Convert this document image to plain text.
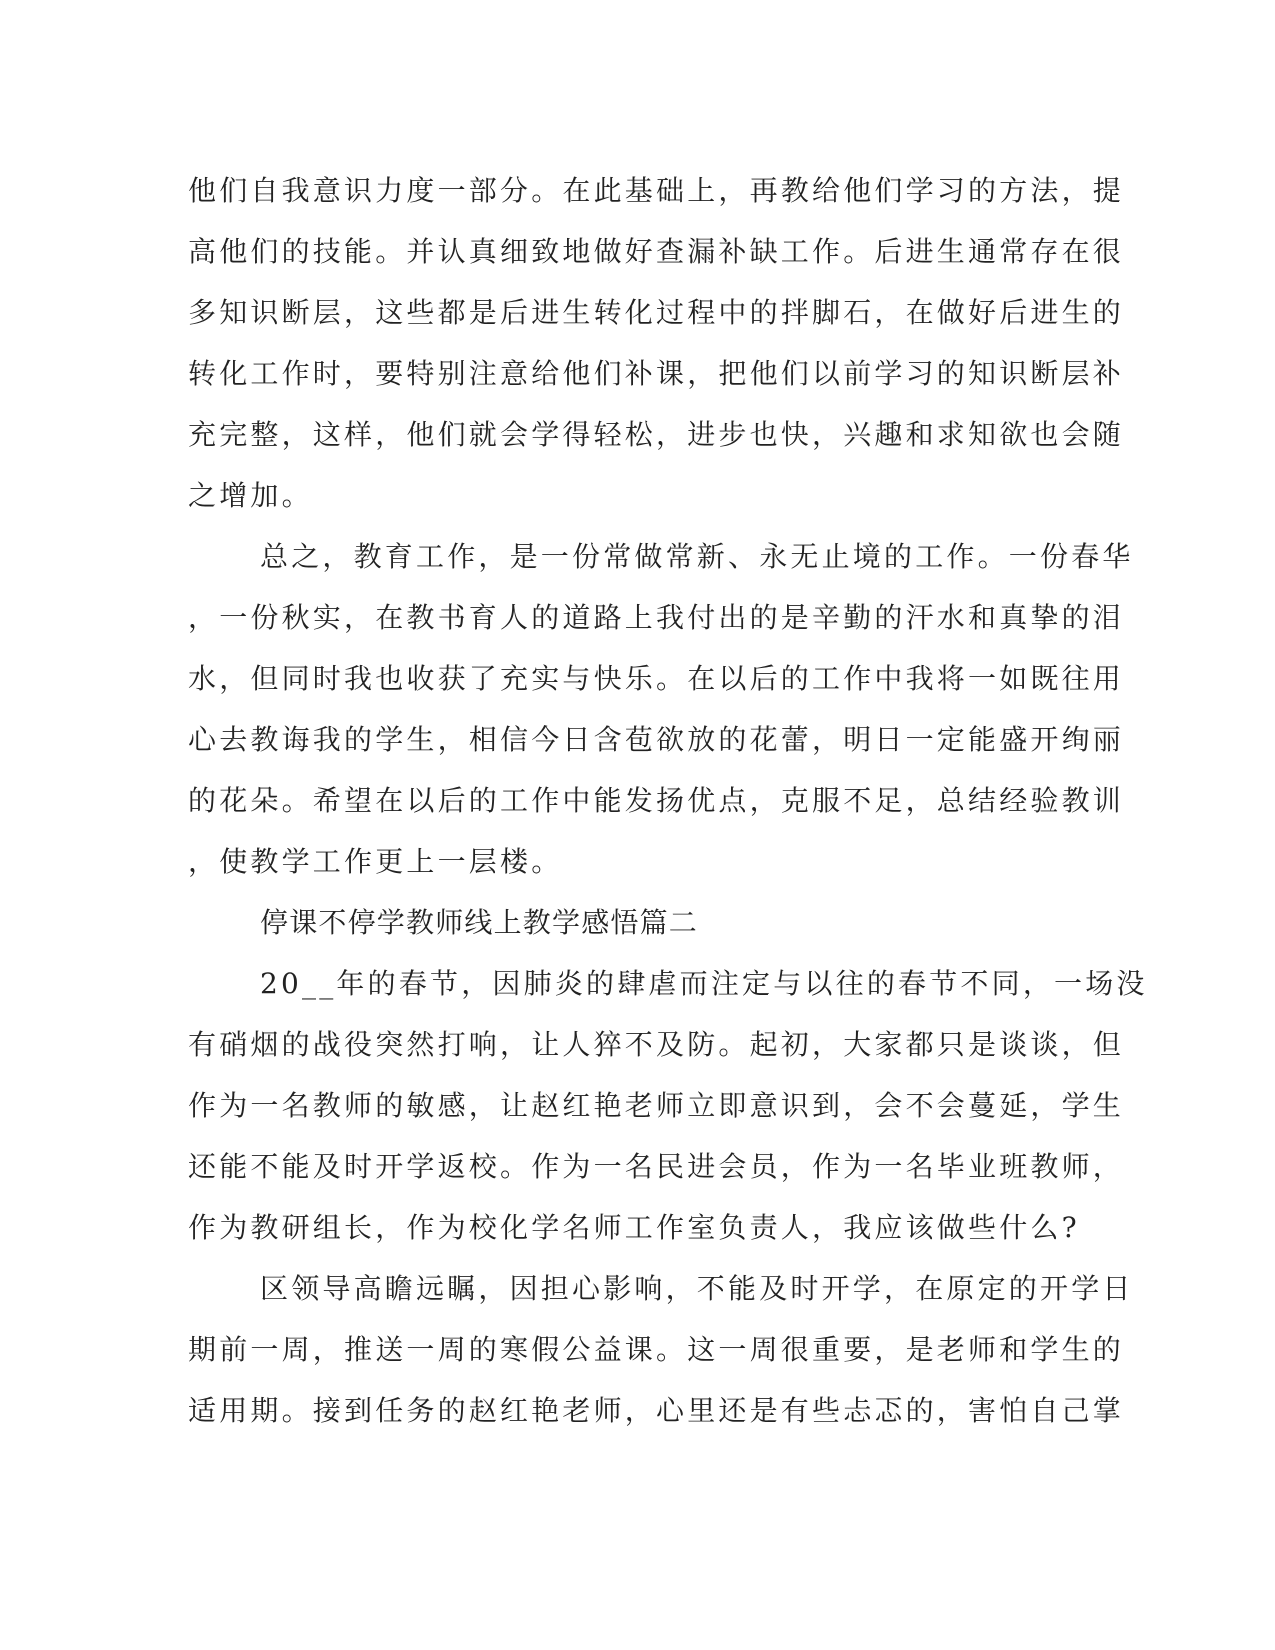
他们自我意识力度一部分。在此基础上，再教给他们学习的方法，提
高他们的技能。并认真细致地做好查漏补缺工作。后进生通常存在很
多知识断层，这些都是后进生转化过程中的拌脚石，在做好后进生的
转化工作时，要特别注意给他们补课，把他们以前学习的知识断层补
充完整，这样，他们就会学得轻松，进步也快，兴趣和求知欲也会随
之增加。
总之，教育工作，是一份常做常新、永无止境的工作。一份春华
，一份秋实，在教书育人的道路上我付出的是辛勤的汗水和真挚的泪
水，但同时我也收获了充实与快乐。在以后的工作中我将一如既往用
心去教诲我的学生，相信今日含苞欲放的花蕾，明日一定能盛开绚丽
的花朵。希望在以后的工作中能发扬优点，克服不足，总结经验教训
，使教学工作更上一层楼。
停课不停学教师线上教学感悟篇二
20__年的春节，因肺炎的肆虐而注定与以往的春节不同，一场没
有硝烟的战役突然打响，让人猝不及防。起初，大家都只是谈谈，但
作为一名教师的敏感，让赵红艳老师立即意识到，会不会蔓延，学生
还能不能及时开学返校。作为一名民进会员，作为一名毕业班教师，
作为教研组长，作为校化学名师工作室负责人，我应该做些什么?
区领导高瞻远瞩，因担心影响，不能及时开学，在原定的开学日
期前一周，推送一周的寒假公益课。这一周很重要，是老师和学生的
适用期。接到任务的赵红艳老师，心里还是有些忐忑的，害怕自己掌
